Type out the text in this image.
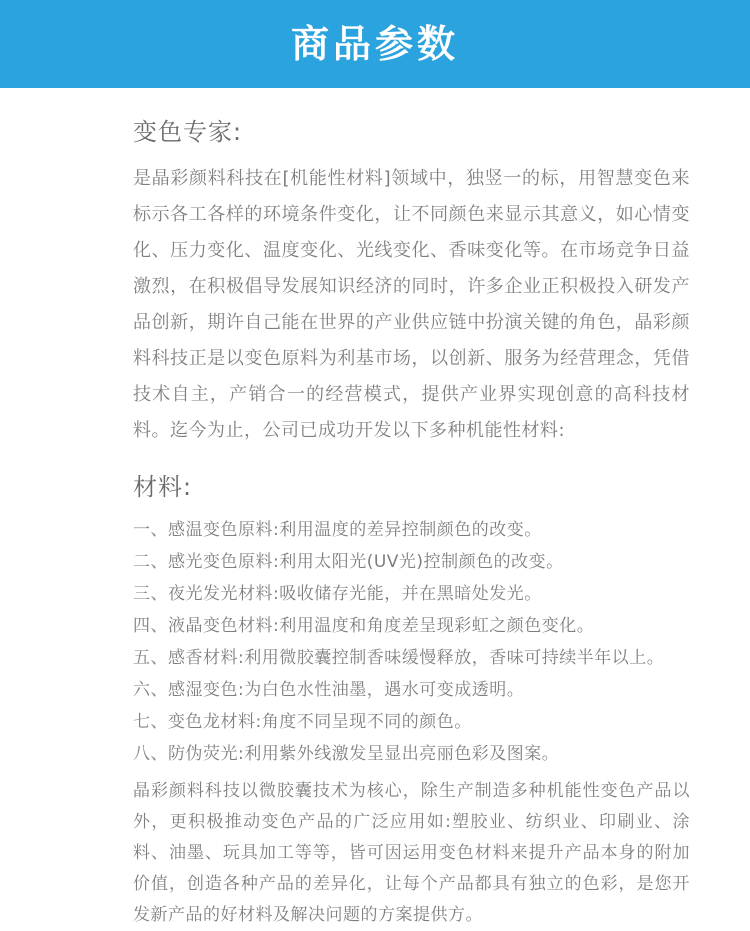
商品参数
变色专家:

是晶彩颜料科技在[机能性材料]领域中，独竖一的标，用智慧变色来标示各工各样的环境条件变化，让不同颜色来显示其意义，如心情变化、压力变化、温度变化、光线变化、香味变化等。在市场竞争日益激烈，在积极倡导发展知识经济的同时，许多企业正积极投入研发产品创新，期许自己能在世界的产业供应链中扮演关键的角色，晶彩颜料科技正是以变色原料为利基市场，以创新、服务为经营理念，凭借技术自主，产销合一的经营模式，提供产业界实现创意的高科技材料。迄今为止，公司已成功开发以下多种机能性材料:

材料:
一、感温变色原料:利用温度的差异控制颜色的改变。
二、感光变色原料:利用太阳光(UV光)控制颜色的改变。
三、夜光发光材料:吸收储存光能，并在黑暗处发光。
四、液晶变色材料:利用温度和角度差呈现彩虹之颜色变化。
五、感香材料:利用微胶囊控制香味缓慢释放，香味可持续半年以上。
六、感湿变色:为白色水性油墨，遇水可变成透明。
七、变色龙材料:角度不同呈现不同的颜色。
八、防伪荧光:利用紫外线激发呈显出亮丽色彩及图案。

晶彩颜料科技以微胶囊技术为核心，除生产制造多种机能性变色产品以外，更积极推动变色产品的广泛应用如:塑胶业、纺织业、印刷业、涂料、油墨、玩具加工等等，皆可因运用变色材料来提升产品本身的附加价值，创造各种产品的差异化，让每个产品都具有独立的色彩，是您开发新产品的好材料及解决问题的方案提供方。
